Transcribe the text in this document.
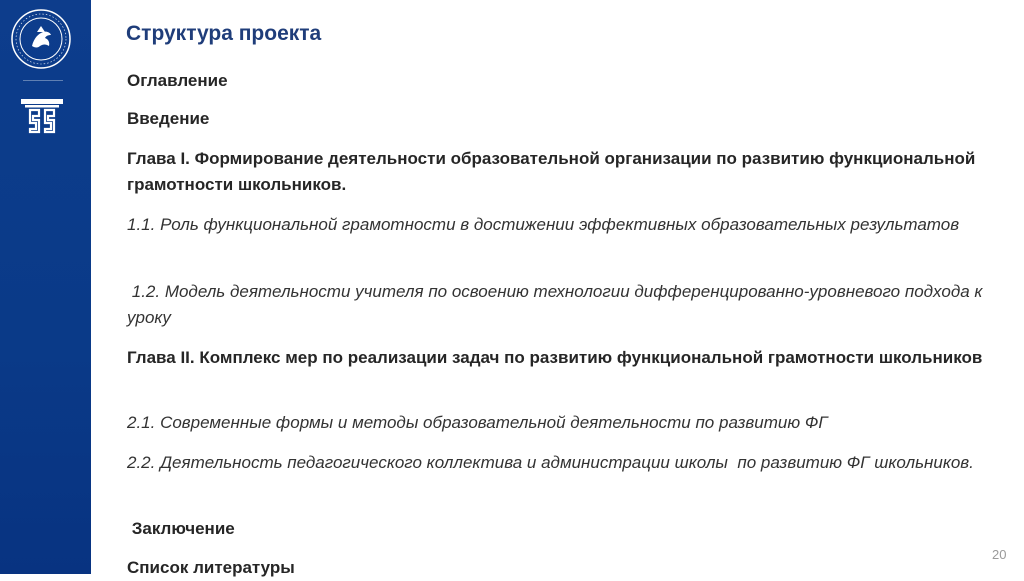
Структура проекта

Оглавление

Введение

Глава I. Формирование деятельности образовательной организации по развитию функциональной грамотности школьников.

1.1. Роль функциональной грамотности в достижении эффективных образовательных результатов

1.2. Модель деятельности учителя по освоению технологии дифференцированно-уровневого подхода к уроку

Глава II. Комплекс мер по реализации задач по развитию функциональной грамотности школьников

2.1. Современные формы и методы образовательной деятельности по развитию ФГ

2.2. Деятельность педагогического коллектива и администрации школы  по развитию ФГ школьников.

Заключение

Список литературы

20
